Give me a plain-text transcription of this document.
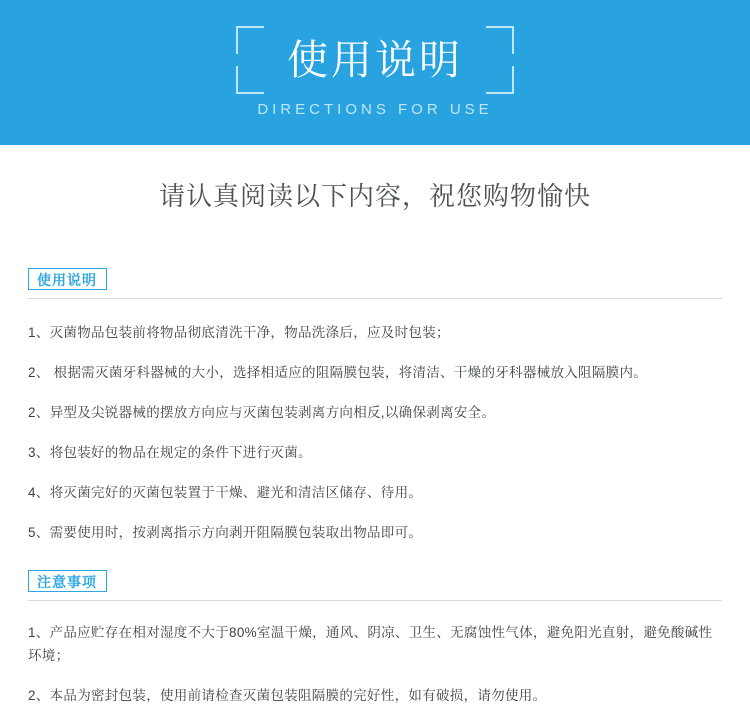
使用说明
DIRECTIONS FOR USE
请认真阅读以下内容，祝您购物愉快
使用说明
1、灭菌物品包装前将物品彻底清洗干净，物品洗涤后，应及时包装；
2、 根据需灭菌牙科器械的大小，选择相适应的阻隔膜包装，将清洁、干燥的牙科器械放入阻隔膜内。
2、异型及尖锐器械的摆放方向应与灭菌包装剥离方向相反,以确保剥离安全。
3、将包装好的物品在规定的条件下进行灭菌。
4、将灭菌完好的灭菌包装置于干燥、避光和清洁区储存、待用。
5、需要使用时，按剥离指示方向剥开阻隔膜包装取出物品即可。
注意事项
1、产品应贮存在相对湿度不大于80%室温干燥，通风、阴凉、卫生、无腐蚀性气体，避免阳光直射，避免酸碱性环境；
2、本品为密封包装，使用前请检查灭菌包装阻隔膜的完好性，如有破损，请勿使用。
